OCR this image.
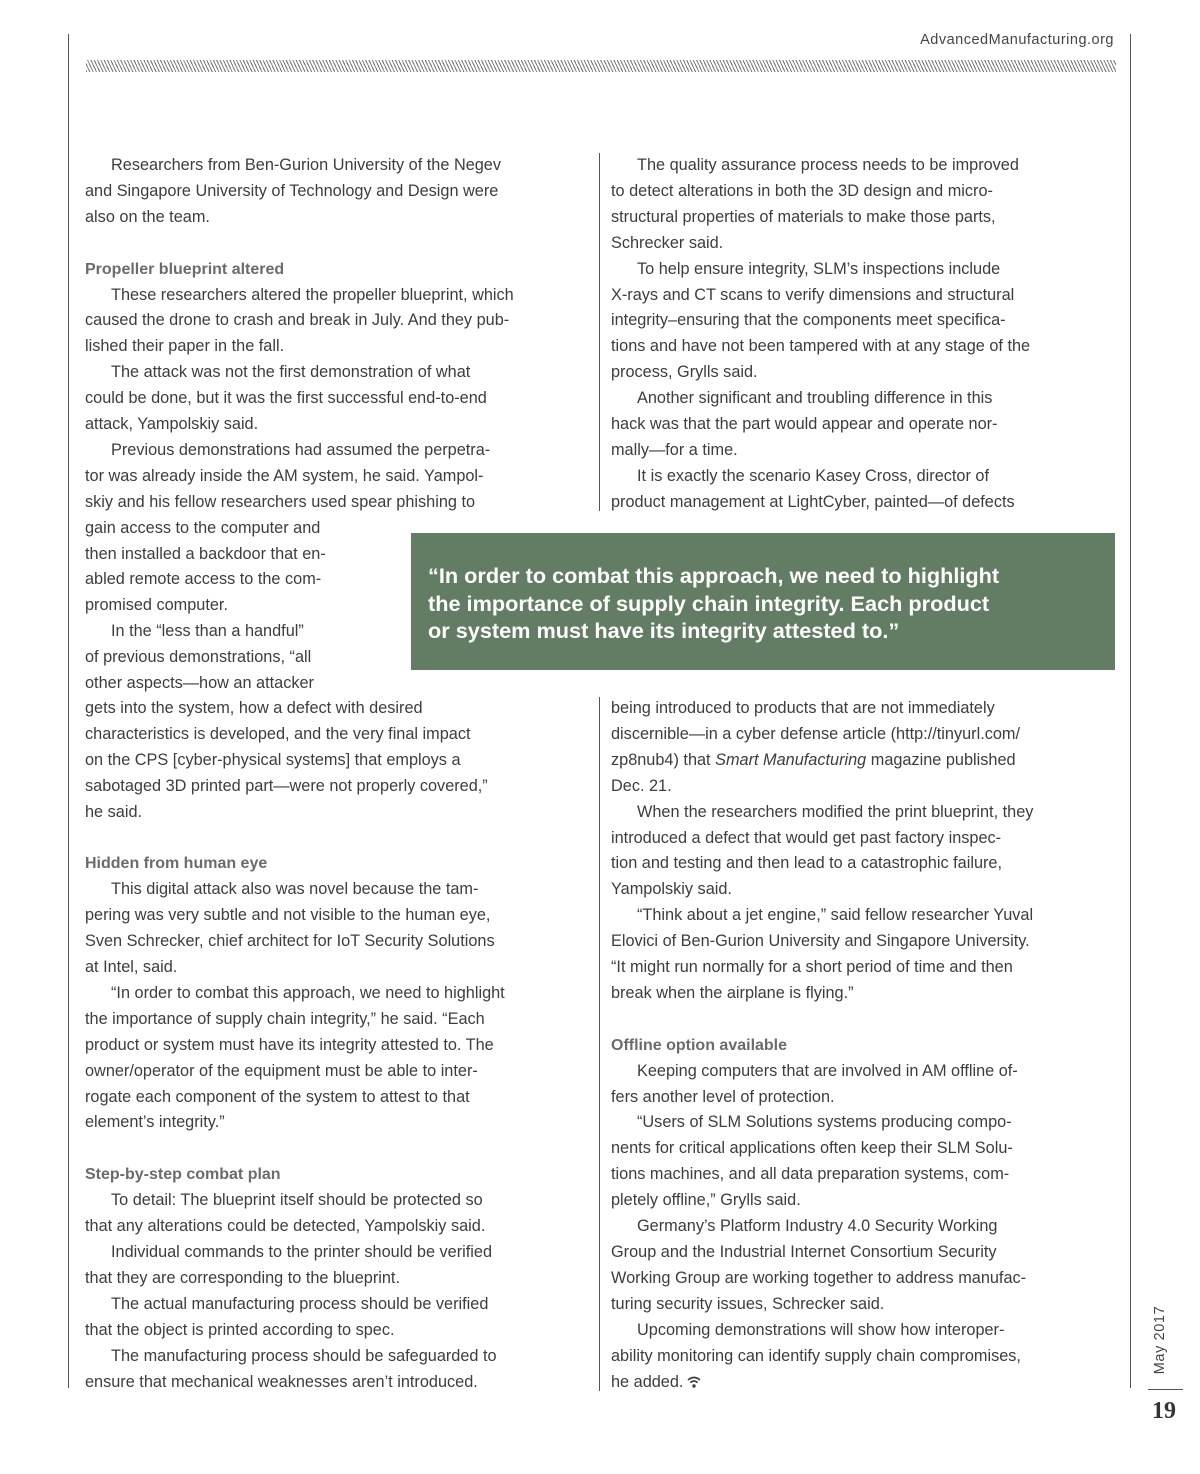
AdvancedManufacturing.org

Researchers from Ben-Gurion University of the Negev

and Singapore University of Technology and Design were

also on the team.

Propeller blueprint altered

These researchers altered the propeller blueprint, which

caused the drone to crash and break in July. And they pub-

lished their paper in the fall.

The attack was not the first demonstration of what

could be done, but it was the first successful end-to-end

attack, Yampolskiy said.

Previous demonstrations had assumed the perpetra-

tor was already inside the AM system, he said. Yampol-

skiy and his fellow researchers used spear phishing to

gain access to the computer and

then installed a backdoor that en-

abled remote access to the com-

promised computer.

In the “less than a handful”

of previous demonstrations, “all

other aspects—how an attacker

gets into the system, how a defect with desired

characteristics is developed, and the very final impact

on the CPS [cyber-physical systems] that employs a

sabotaged 3D printed part—were not properly covered,”

he said.

Hidden from human eye

This digital attack also was novel because the tam-

pering was very subtle and not visible to the human eye,

Sven Schrecker, chief architect for IoT Security Solutions

at Intel, said.

“In order to combat this approach, we need to highlight

the importance of supply chain integrity,” he said. “Each

product or system must have its integrity attested to. The

owner/operator of the equipment must be able to inter-

rogate each component of the system to attest to that

element’s integrity.”

Step-by-step combat plan

To detail: The blueprint itself should be protected so

that any alterations could be detected, Yampolskiy said.

Individual commands to the printer should be verified

that they are corresponding to the blueprint.

The actual manufacturing process should be verified

that the object is printed according to spec.

The manufacturing process should be safeguarded to

ensure that mechanical weaknesses aren’t introduced.

The quality assurance process needs to be improved

to detect alterations in both the 3D design and micro-

structural properties of materials to make those parts,

Schrecker said.

To help ensure integrity, SLM’s inspections include

X-rays and CT scans to verify dimensions and structural

integrity–ensuring that the components meet specifica-

tions and have not been tampered with at any stage of the

process, Grylls said.

Another significant and troubling difference in this

hack was that the part would appear and operate nor-

mally—for a time.

It is exactly the scenario Kasey Cross, director of

product management at LightCyber, painted—of defects

being introduced to products that are not immediately

discernible—in a cyber defense article (http://tinyurl.com/

zp8nub4) that Smart Manufacturing magazine published

Dec. 21.

When the researchers modified the print blueprint, they

introduced a defect that would get past factory inspec-

tion and testing and then lead to a catastrophic failure,

Yampolskiy said.

“Think about a jet engine,” said fellow researcher Yuval

Elovici of Ben-Gurion University and Singapore University.

“It might run normally for a short period of time and then

break when the airplane is flying.”

Offline option available

Keeping computers that are involved in AM offline of-

fers another level of protection.

“Users of SLM Solutions systems producing compo-

nents for critical applications often keep their SLM Solu-

tions machines, and all data preparation systems, com-

pletely offline,” Grylls said.

Germany’s Platform Industry 4.0 Security Working

Group and the Industrial Internet Consortium Security

Working Group are working together to address manufac-

turing security issues, Schrecker said.

Upcoming demonstrations will show how interoper-

ability monitoring can identify supply chain compromises,

he added.

“In order to combat this approach, we need to highlight

the importance of supply chain integrity. Each product

or system must have its integrity attested to.”

May 2017
19
